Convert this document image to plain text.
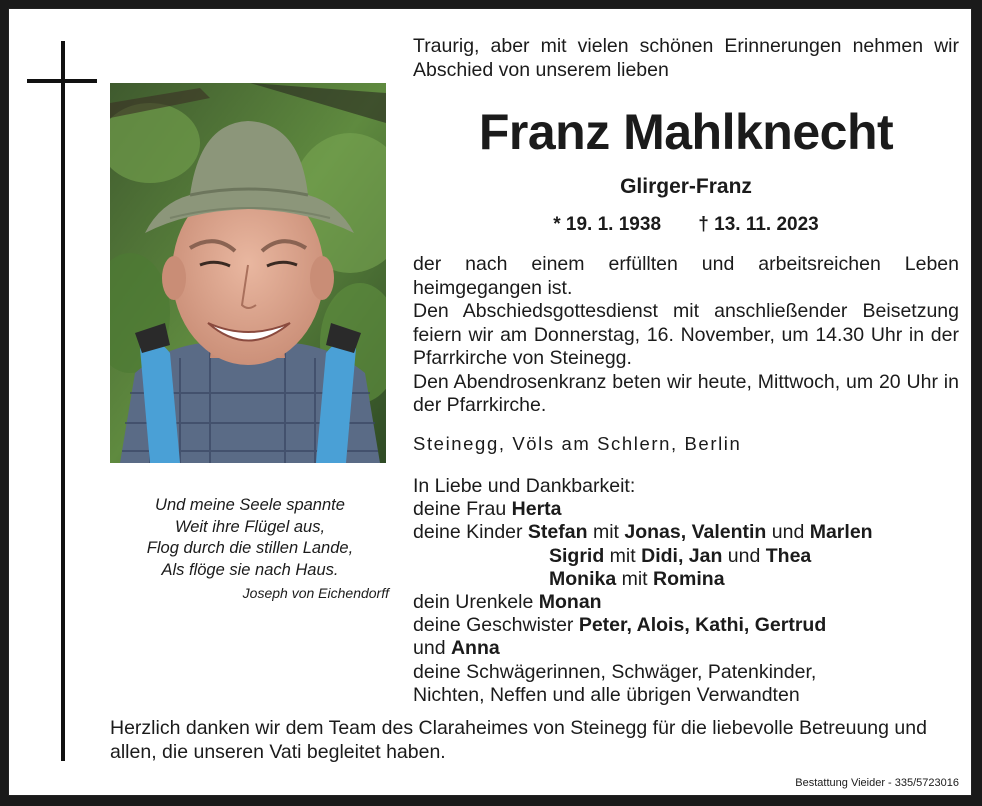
Und meine Seele spannte
Weit ihre Flügel aus,
Flog durch die stillen Lande,
Als flöge sie nach Haus.
Joseph von Eichendorff
Traurig, aber mit vielen schönen Erinnerungen nehmen wir Abschied von unserem lieben
Franz Mahlknecht
Glirger-Franz
* 19. 1. 1938 † 13. 11. 2023

der nach einem erfüllten und arbeitsreichen Leben heimgegangen ist.

Den Abschiedsgottesdienst mit anschließender Beisetzung feiern wir am Donnerstag, 16. November, um 14.30 Uhr in der Pfarrkirche von Steinegg.

Den Abendrosenkranz beten wir heute, Mittwoch, um 20 Uhr in der Pfarrkirche.

Steinegg, Völs am Schlern, Berlin
In Liebe und Dankbarkeit:
deine Frau Herta
deine Kinder Stefan mit Jonas, Valentin und Marlen
Sigrid mit Didi, Jan und Thea
Monika mit Romina
dein Urenkele Monan
deine Geschwister Peter, Alois, Kathi, Gertrud
und Anna
deine Schwägerinnen, Schwäger, Patenkinder,
Nichten, Neffen und alle übrigen Verwandten
Herzlich danken wir dem Team des Claraheimes von Steinegg für die liebevolle Betreuung und allen, die unseren Vati begleitet haben.
Bestattung Vieider - 335/5723016
